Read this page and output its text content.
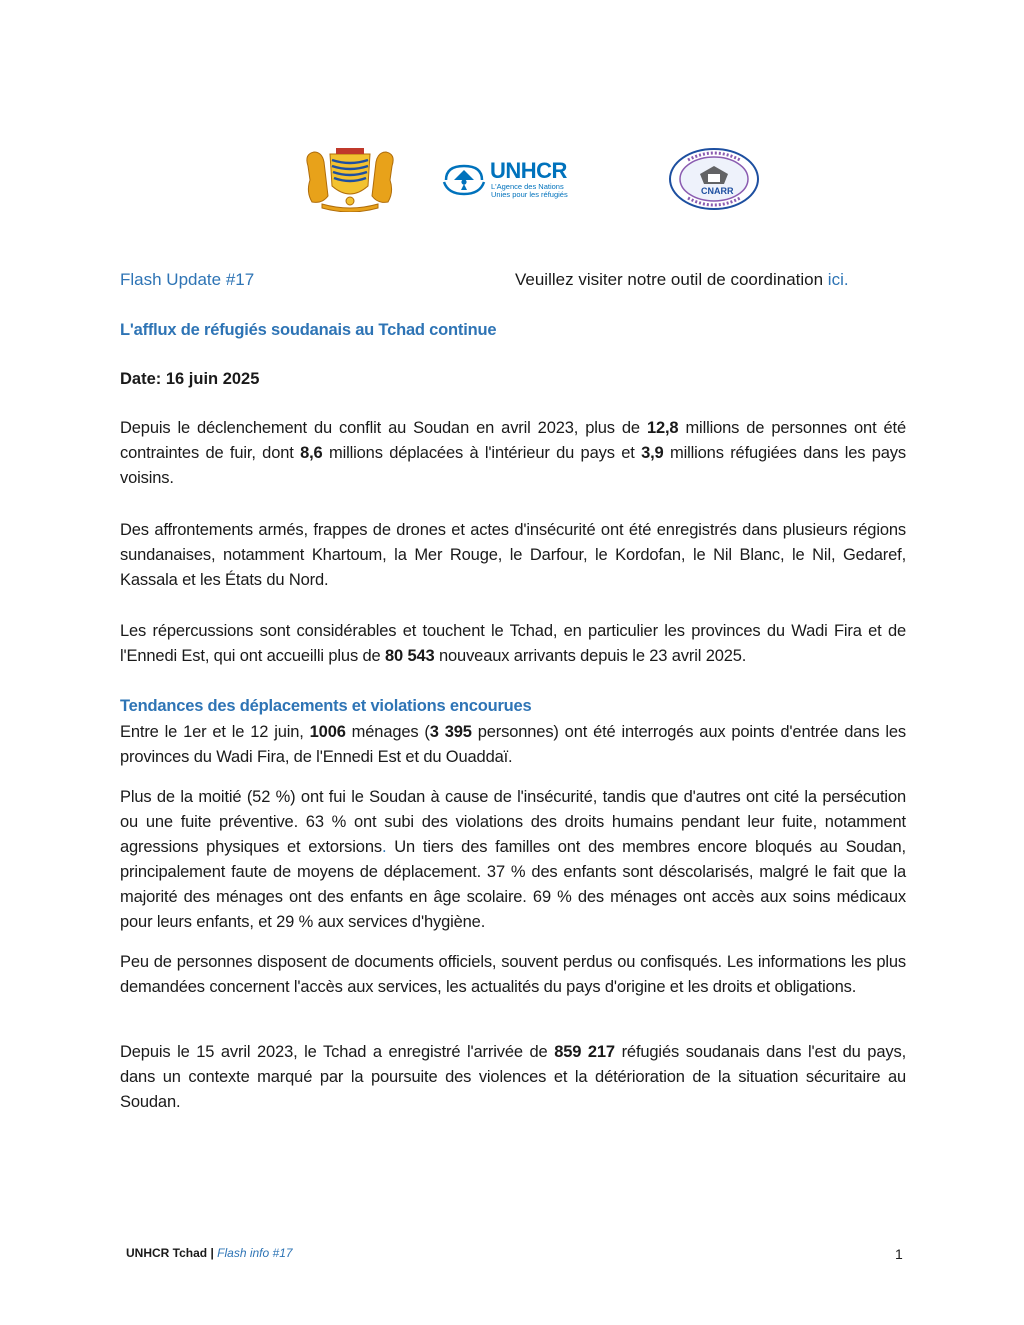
UNHCR
L'Agence des Nations
Unies pour les réfugiés	CNARR
Flash Update #17	Veuillez visiter notre outil de coordination ici.
L'afflux de réfugiés soudanais au Tchad continue
Date: 16 juin 2025

Depuis le déclenchement du conflit au Soudan en avril 2023, plus de 12,8 millions de personnes ont été contraintes de fuir, dont 8,6 millions déplacées à l'intérieur du pays et 3,9 millions réfugiées dans les pays voisins.

Des affrontements armés, frappes de drones et actes d'insécurité ont été enregistrés dans plusieurs régions sundanaises, notamment Khartoum, la Mer Rouge, le Darfour, le Kordofan, le Nil Blanc, le Nil, Gedaref, Kassala et les États du Nord.

Les répercussions sont considérables et touchent le Tchad, en particulier les provinces du Wadi Fira et de l'Ennedi Est, qui ont accueilli plus de 80 543 nouveaux arrivants depuis le 23 avril 2025.

Tendances des déplacements et violations encourues

Entre le 1er et le 12 juin, 1006 ménages (3 395 personnes) ont été interrogés aux points d'entrée dans les provinces du Wadi Fira, de l'Ennedi Est et du Ouaddaï.

Plus de la moitié (52 %) ont fui le Soudan à cause de l'insécurité, tandis que d'autres ont cité la persécution ou une fuite préventive. 63 % ont subi des violations des droits humains pendant leur fuite, notamment agressions physiques et extorsions. Un tiers des familles ont des membres encore bloqués au Soudan, principalement faute de moyens de déplacement. 37 % des enfants sont déscolarisés, malgré le fait que la majorité des ménages ont des enfants en âge scolaire. 69 % des ménages ont accès aux soins médicaux pour leurs enfants, et 29 % aux services d'hygiène.

Peu de personnes disposent de documents officiels, souvent perdus ou confisqués. Les informations les plus demandées concernent l'accès aux services, les actualités du pays d'origine et les droits et obligations.

Depuis le 15 avril 2023, le Tchad a enregistré l'arrivée de 859 217 réfugiés soudanais dans l'est du pays, dans un contexte marqué par la poursuite des violences et la détérioration de la situation sécuritaire au Soudan.

UNHCR Tchad | Flash info #17	1
